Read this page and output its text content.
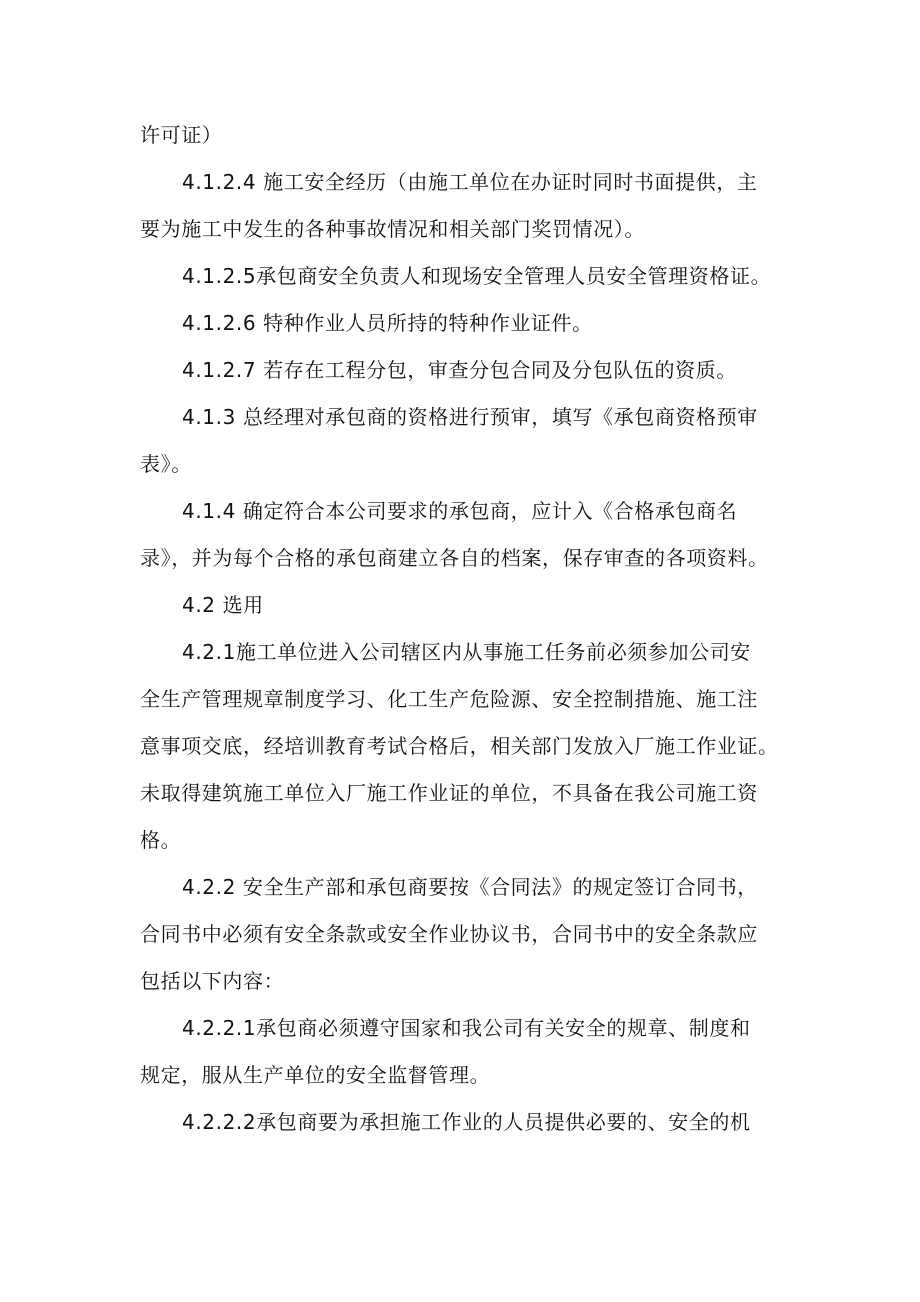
许可证）
4.1.2.4 施工安全经历（由施工单位在办证时同时书面提供，主
要为施工中发生的各种事故情况和相关部门奖罚情况）。
4.1.2.5承包商安全负责人和现场安全管理人员安全管理资格证。
4.1.2.6 特种作业人员所持的特种作业证件。
4.1.2.7 若存在工程分包，审查分包合同及分包队伍的资质。
4.1.3 总经理对承包商的资格进行预审，填写《承包商资格预审
表》。
4.1.4 确定符合本公司要求的承包商，应计入《合格承包商名
录》，并为每个合格的承包商建立各自的档案，保存审查的各项资料。
4.2 选用
4.2.1施工单位进入公司辖区内从事施工任务前必须参加公司安
全生产管理规章制度学习、化工生产危险源、安全控制措施、施工注
意事项交底，经培训教育考试合格后，相关部门发放入厂施工作业证。
未取得建筑施工单位入厂施工作业证的单位，不具备在我公司施工资
格。
4.2.2 安全生产部和承包商要按《合同法》的规定签订合同书，
合同书中必须有安全条款或安全作业协议书，合同书中的安全条款应
包括以下内容：
4.2.2.1承包商必须遵守国家和我公司有关安全的规章、制度和
规定，服从生产单位的安全监督管理。
4.2.2.2承包商要为承担施工作业的人员提供必要的、安全的机
